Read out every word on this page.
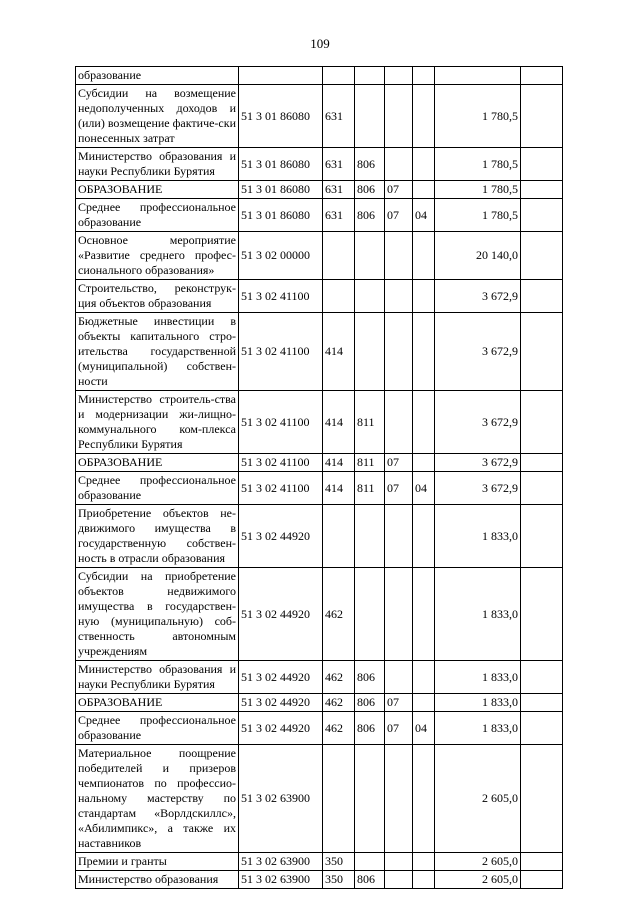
109
образование							
Субсидии на возмещение недополученных доходов и (или) возмещение фактиче-ски понесенных затрат	51 3 01 86080	631				1 780,5	
Министерство образования и науки Республики Бурятия	51 3 01 86080	631	806			1 780,5	
ОБРАЗОВАНИЕ	51 3 01 86080	631	806	07		1 780,5	
Среднее профессиональное образование	51 3 01 86080	631	806	07	04	1 780,5	
Основное мероприятие «Развитие среднего профес-сионального образования»	51 3 02 00000					20 140,0	
Строительство, реконструк-ция объектов образования	51 3 02 41100					3 672,9	
Бюджетные инвестиции в объекты капитального стро-ительства государственной (муниципальной) собствен-ности	51 3 02 41100	414				3 672,9	
Министерство строитель-ства и модернизации жи-лищно-коммунального ком-плекса Республики Бурятия	51 3 02 41100	414	811			3 672,9	
ОБРАЗОВАНИЕ	51 3 02 41100	414	811	07		3 672,9	
Среднее профессиональное образование	51 3 02 41100	414	811	07	04	3 672,9	
Приобретение объектов не-движимого имущества в государственную собствен-ность в отрасли образования	51 3 02 44920					1 833,0	
Субсидии на приобретение объектов недвижимого имущества в государствен-ную (муниципальную) соб-ственность автономным учреждениям	51 3 02 44920	462				1 833,0	
Министерство образования и науки Республики Бурятия	51 3 02 44920	462	806			1 833,0	
ОБРАЗОВАНИЕ	51 3 02 44920	462	806	07		1 833,0	
Среднее профессиональное образование	51 3 02 44920	462	806	07	04	1 833,0	
Материальное поощрение победителей и призеров чемпионатов по профессио-нальному мастерству по стандартам «Ворлдскиллс», «Абилимпикс», а также их наставников	51 3 02 63900					2 605,0	
Премии и гранты	51 3 02 63900	350				2 605,0	
Министерство образования	51 3 02 63900	350	806			2 605,0	
